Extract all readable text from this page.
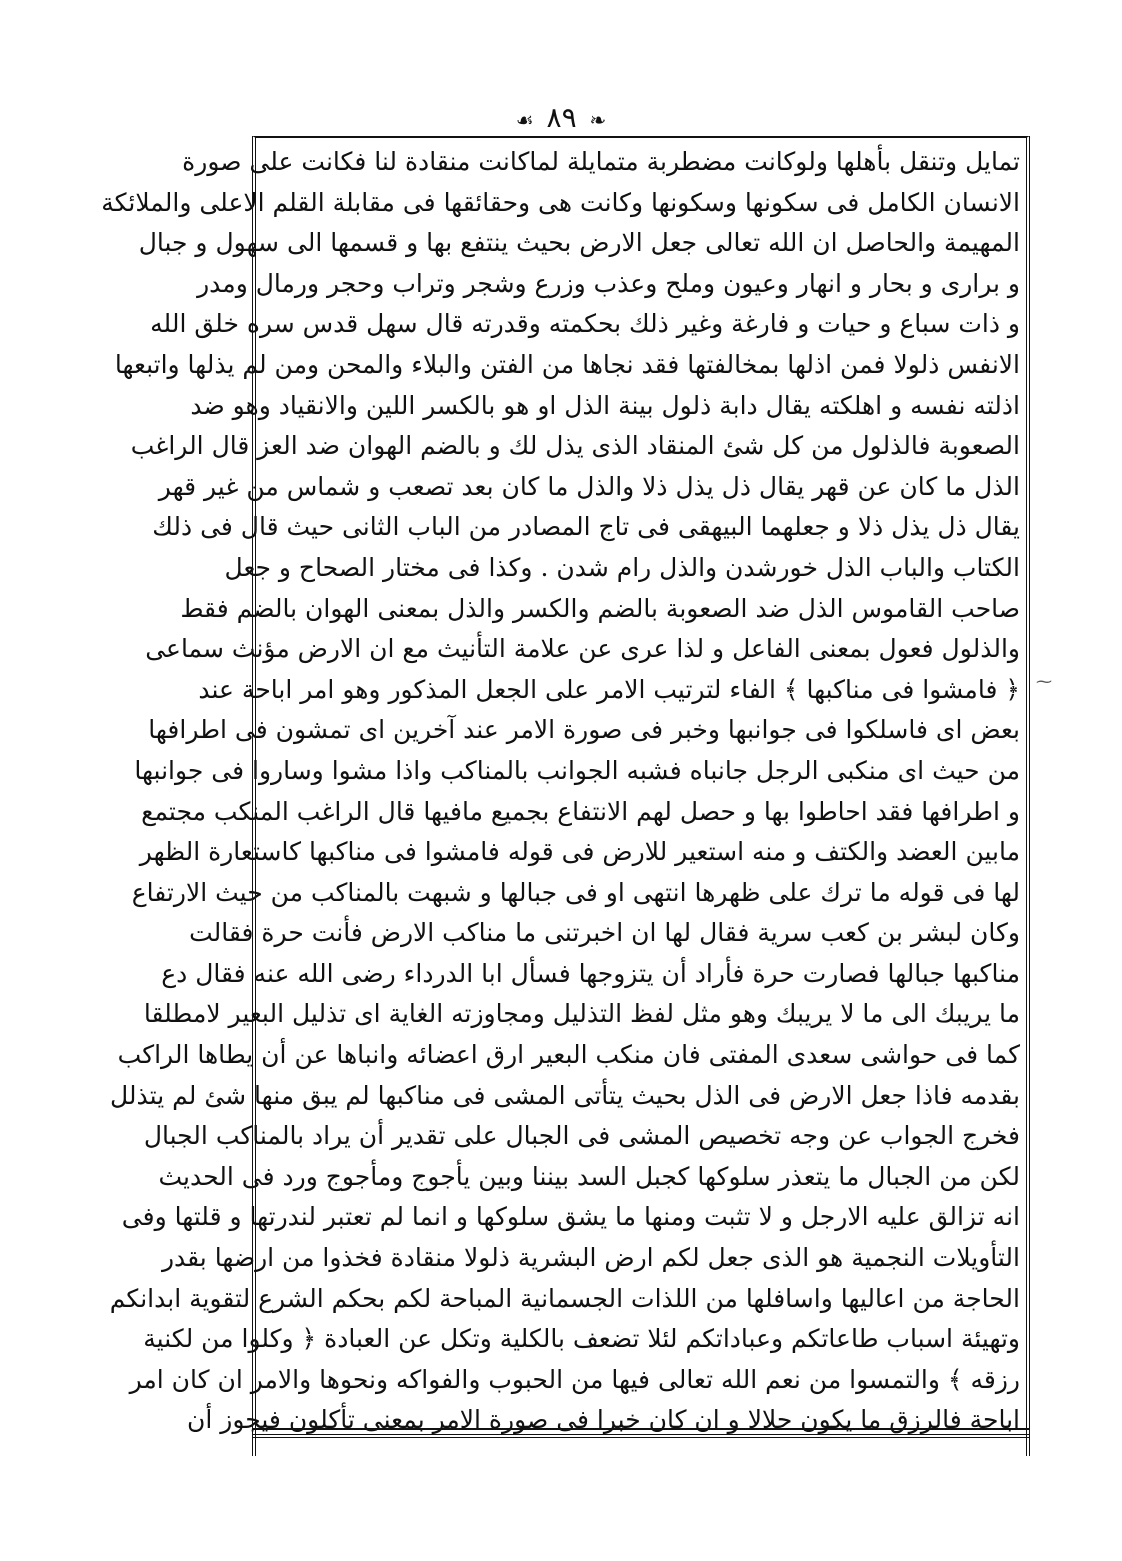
❧ ٨٩ ☙
⁓
تمایل وتنقل بأهلها ولوكانت مضطربة متمایلة لماكانت منقادة لنا فكانت على صورة
الانسان الكامل فی سكونها وسكونها وكانت هی وحقائقها فی مقابلة القلم الاعلی والملائكة
المهیمة والحاصل ان الله تعالى جعل الارض بحیث ینتفع بها و قسمها الى سهول و جبال
و برارى و بحار و انهار وعیون وملح وعذب وزرع وشجر وتراب وحجر ورمال ومدر
و ذات سباع و حیات و فارغة وغیر ذلك بحكمته وقدرته قال سهل قدس سره خلق الله
الانفس ذلولا فمن اذلها بمخالفتها فقد نجاها من الفتن والبلاء والمحن ومن لم یذلها واتبعها
اذلته نفسه و اهلكته یقال دابة ذلول بینة الذل او هو بالكسر اللین والانقیاد وهو ضد
الصعوبة فالذلول من كل شئ المنقاد الذى یذل لك و بالضم الهوان ضد العز قال الراغب
الذل ما كان عن قهر یقال ذل یذل ذلا والذل ما كان بعد تصعب و شماس من غیر قهر
یقال ذل یذل ذلا و جعلهما البیهقی فی تاج المصادر من الباب الثانی حیث قال فی ذلك
الكتاب والباب الذل خورشدن والذل رام شدن . وكذا فی مختار الصحاح و جعل
صاحب القاموس الذل ضد الصعوبة بالضم والكسر والذل بمعنى الهوان بالضم فقط
والذلول فعول بمعنى الفاعل و لذا عرى عن علامة التأنیث مع ان الارض مؤنث سماعی
﴿ فامشوا فی مناكبها ﴾ الفاء لترتیب الامر على الجعل المذكور وهو امر اباحة عند
بعض اى فاسلكوا فی جوانبها وخبر فی صورة الامر عند آخرین اى تمشون فی اطرافها
من حیث ای منكبی الرجل جانباه فشبه الجوانب بالمناكب واذا مشوا وساروا فی جوانبها
و اطرافها فقد احاطوا بها و حصل لهم الانتفاع بجمیع مافیها قال الراغب المنكب مجتمع
مابین العضد والكتف و منه استعیر للارض فی قوله فامشوا فی مناكبها كاستعارة الظهر
لها فی قوله ما ترك على ظهرها انتهى او فی جبالها و شبهت بالمناكب من حیث الارتفاع
وكان لبشر بن كعب سریة فقال لها ان اخبرتنی ما مناكب الارض فأنت حرة فقالت
مناكبها جبالها فصارت حرة فأراد أن یتزوجها فسأل ابا الدرداء رضی الله عنه فقال دع
ما یریبك الى ما لا یریبك وهو مثل لفظ التذلیل ومجاوزته الغایة ای تذلیل البعیر لامطلقا
كما فی حواشی سعدی المفتی فان منكب البعیر ارق اعضائه وانباها عن أن یطاها الراكب
بقدمه فاذا جعل الارض فی الذل بحیث یتأتى المشی فی مناكبها لم یبق منها شئ لم یتذلل
فخرج الجواب عن وجه تخصیص المشی فی الجبال على تقدیر أن یراد بالمناكب الجبال
لكن من الجبال ما یتعذر سلوكها كجبل السد بیننا وبین یأجوج ومأجوج ورد فی الحدیث
انه تزالق علیه الارجل و لا تثبت ومنها ما یشق سلوكها و انما لم تعتبر لندرتها و قلتها وفی
التأویلات النجمیة هو الذی جعل لكم ارض البشریة ذلولا منقادة فخذوا من ارضها بقدر
الحاجة من اعالیها واسافلها من اللذات الجسمانیة المباحة لكم بحكم الشرع لتقویة ابدانكم
وتهیئة اسباب طاعاتكم وعباداتكم لئلا تضعف بالكلیة وتكل عن العبادة ﴿ وكلوا من لكنیة
رزقه ﴾ والتمسوا من نعم الله تعالى فیها من الحبوب والفواكه ونحوها والامر ان كان امر
اباحة فالرزق ما یكون حلالا و ان كان خبرا فی صورة الامر بمعنى تأكلون فیجوز أن
